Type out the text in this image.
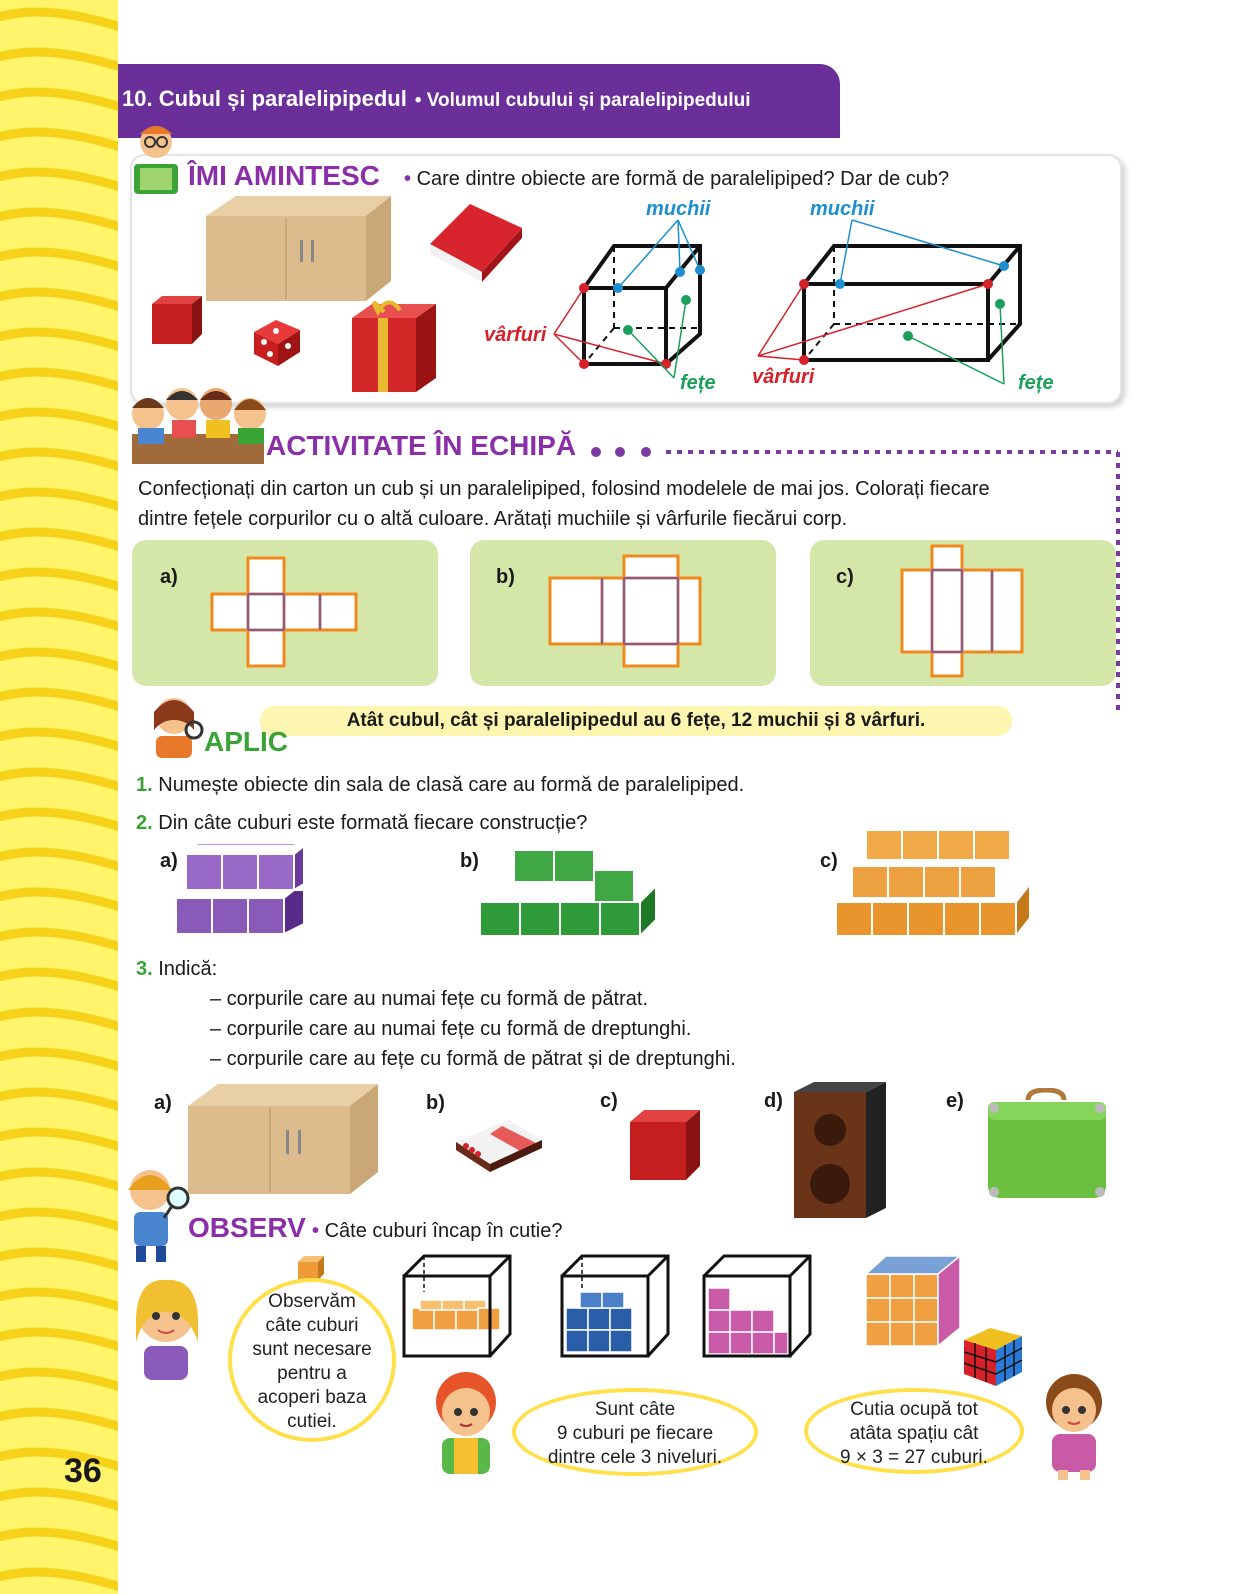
10. Cubul și paralelipipedul • Volumul cubului și paralelipipedului
ÎMI AMINTESC • Care dintre obiecte are formă de paralelipiped? Dar de cub?
muchii
vârfuri
fețe
muchii
vârfuri	fețe
ACTIVITATE ÎN ECHIPĂ
Confecționați din carton un cub și un paralelipiped, folosind modelele de mai jos. Colorați fiecare
dintre fețele corpurilor cu o altă culoare. Arătați muchiile și vârfurile fiecărui corp.
a)	b)	c)
Atât cubul, cât și paralelipipedul au 6 fețe, 12 muchii și 8 vârfuri.
APLIC
1. Numește obiecte din sala de clasă care au formă de paralelipiped.
2. Din câte cuburi este formată fiecare construcție?
a)	b)	c)
3. Indică:
– corpurile care au numai fețe cu formă de pătrat.
– corpurile care au numai fețe cu formă de dreptunghi.
– corpurile care au fețe cu formă de pătrat și de dreptunghi.
a)	b)	c)	d)	e)
OBSERV • Câte cuburi încap în cutie?
Observăm
câte cuburi
sunt necesare
pentru a
acoperi baza
cutiei.
Sunt câte
9 cuburi pe fiecare
dintre cele 3 niveluri.
Cutia ocupă tot
atâta spațiu cât
9 × 3 = 27 cuburi.
36
